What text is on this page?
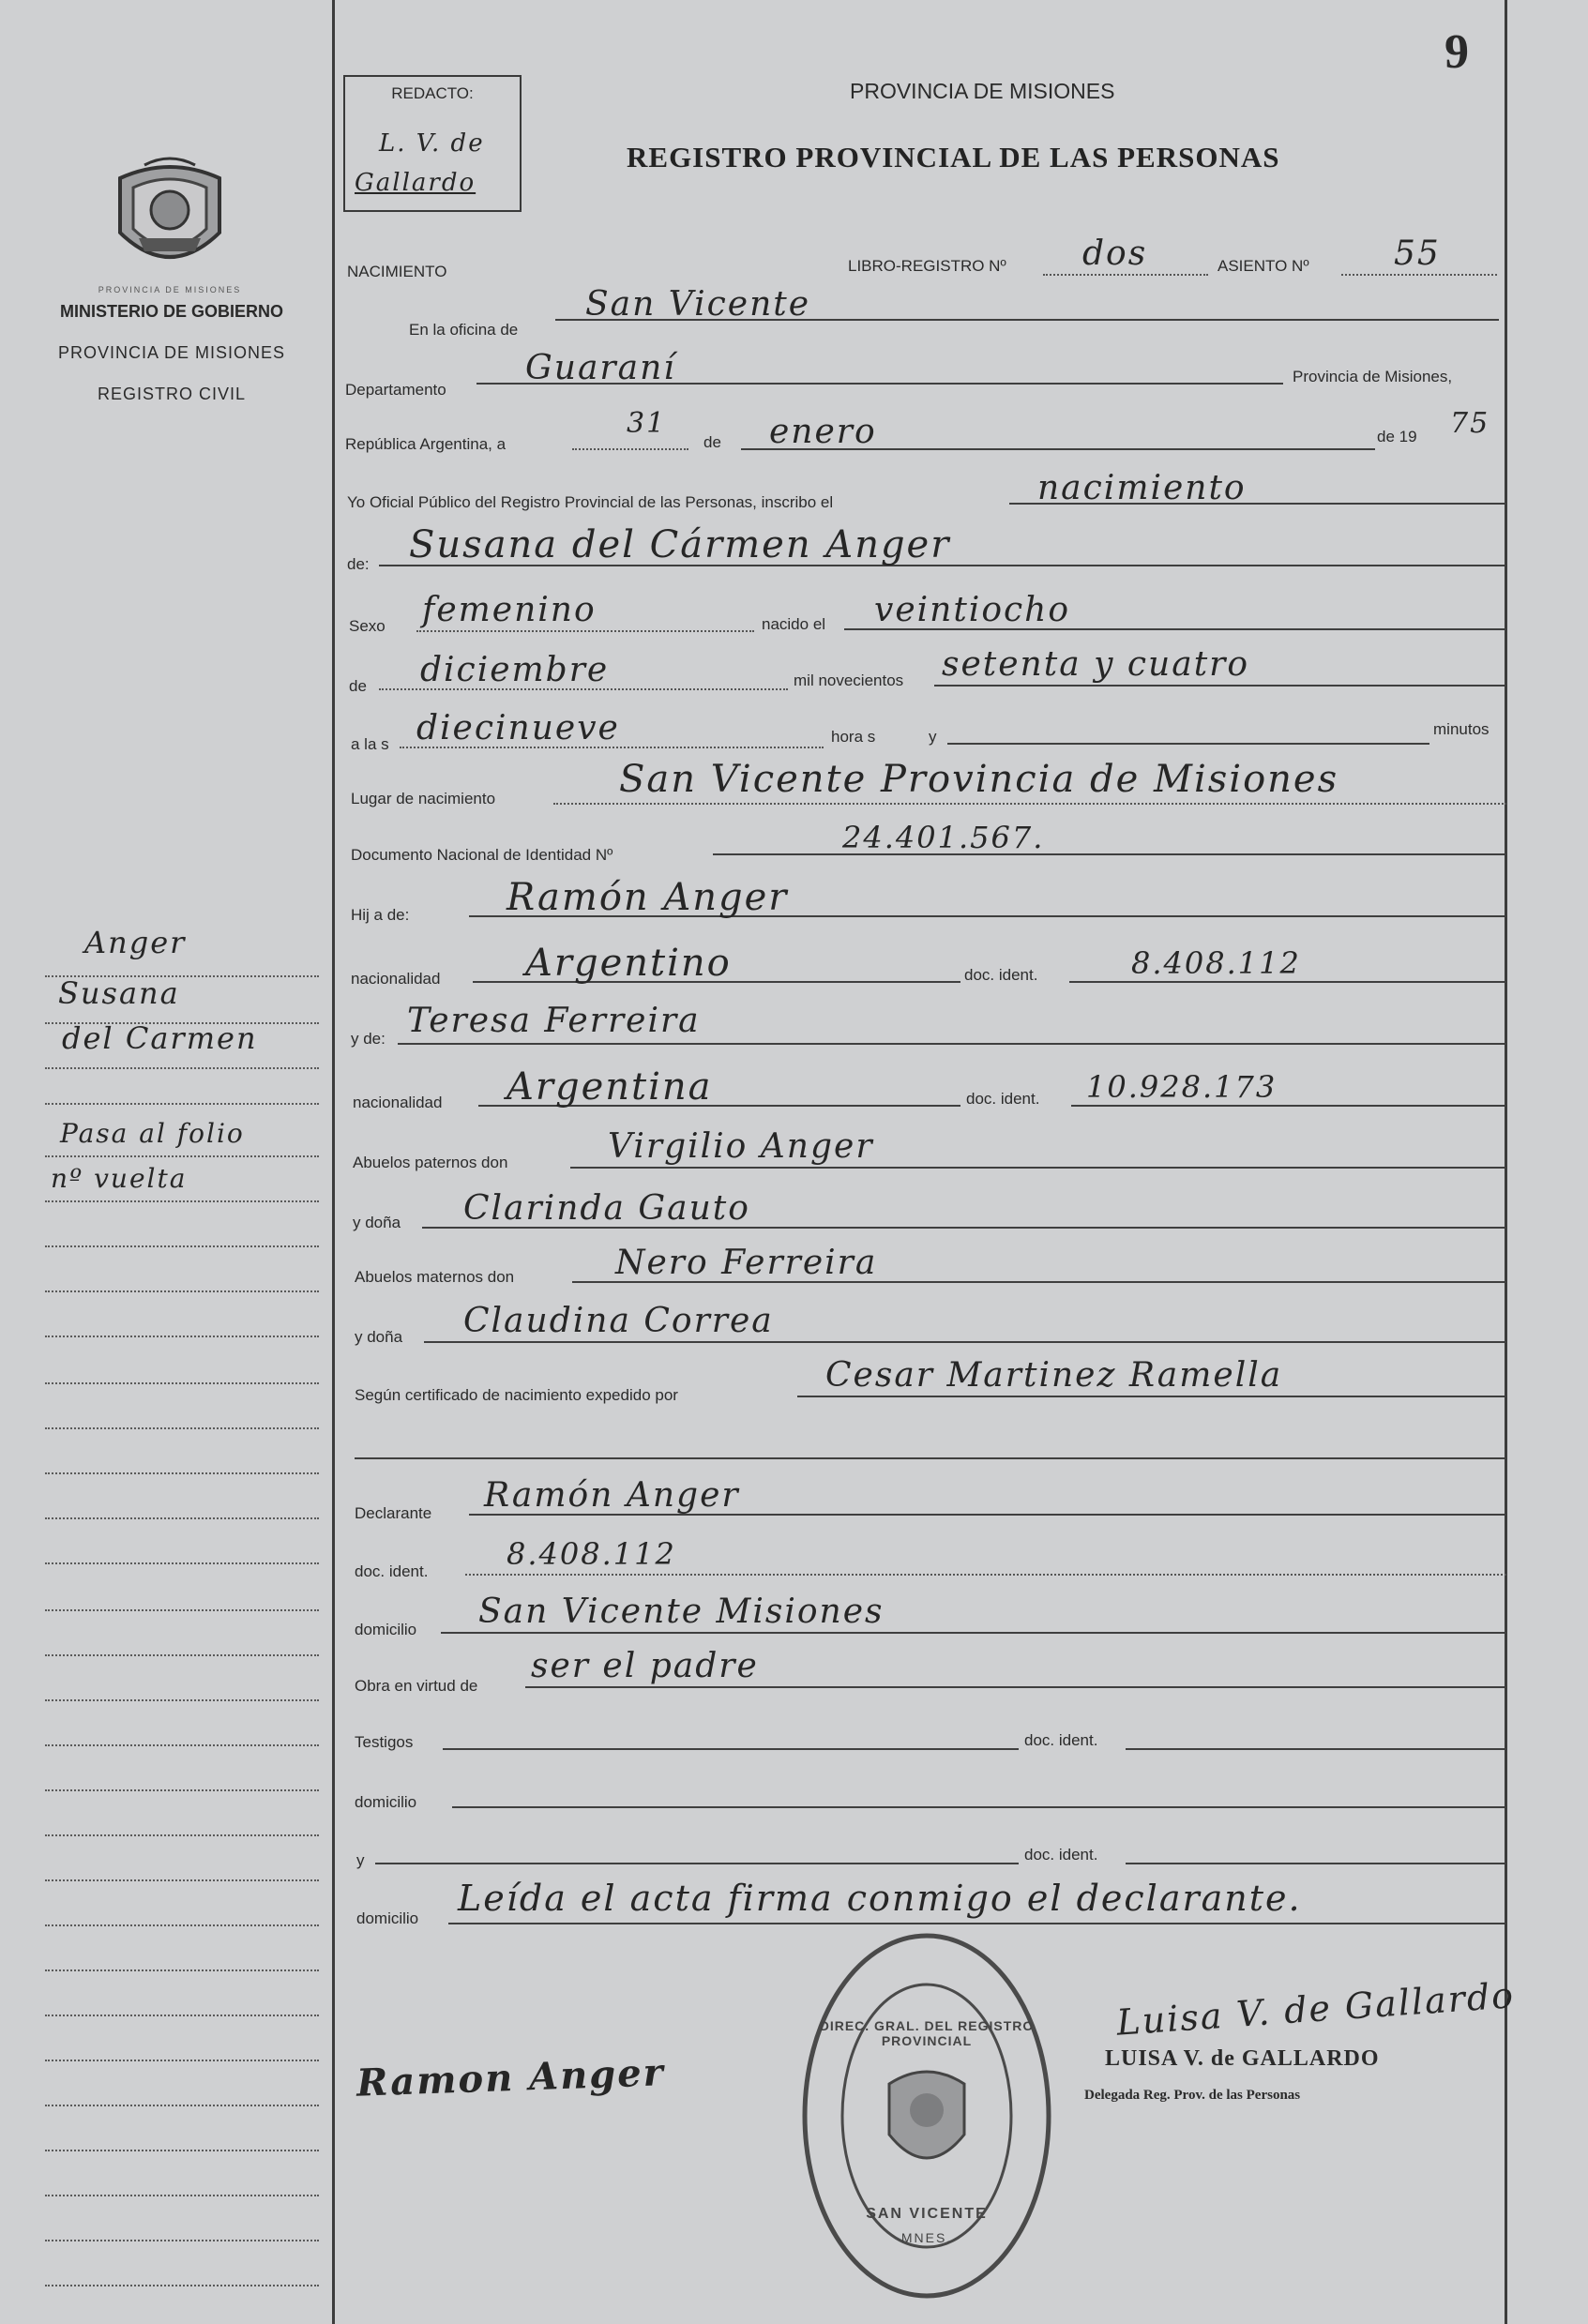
9
REDACTO:
L. V. de
Gallardo
PROVINCIA DE MISIONES
REGISTRO PROVINCIAL DE LAS PERSONAS
NACIMIENTO	LIBRO-REGISTRO Nº dos	ASIENTO Nº	55
PROVINCIA DE MISIONES
MINISTERIO DE GOBIERNO
PROVINCIA DE MISIONES
REGISTRO CIVIL
Anger
Susana
del Carmen
Pasa al folio
nº vuelta
En la oficina de
San Vicente
Departamento
Guaraní	Provincia de Misiones,
República Argentina, a
31
de enero	de 19 75
Yo Oficial Público del Registro Provincial de las Personas, inscribo el	nacimiento
de: Susana del Cármen Anger
Sexo femenino	nacido el veintiocho
de diciembre	mil novecientos setenta y cuatro
a la s diecinueve	hora s	y	minutos
Lugar de nacimiento	San Vicente Provincia de Misiones
Documento Nacional de Identidad Nº	24.401.567.
Hij a de:	Ramón Anger
nacionalidad Argentino	doc. ident.	8.408.112
y de: Teresa Ferreira
nacionalidad Argentina	doc. ident. 10.928.173
Abuelos paternos don	Virgilio Anger
y doña Clarinda Gauto
Abuelos maternos don	Nero Ferreira
y doña Claudina Correa
Según certificado de nacimiento expedido por
Cesar Martinez Ramella
Declarante Ramón Anger
doc. ident.	8.408.112
domicilio San Vicente Misiones
Obra en virtud de
ser el padre
Testigos	doc. ident.
domicilio
y	doc. ident.
domicilio Leída el acta firma conmigo el declarante.
DIREC. GRAL. DEL REGISTRO PROVINCIAL
SAN VICENTE
MNES.
Ramon Anger
Luisa V. de Gallardo
LUISA V. de GALLARDO
Delegada Reg. Prov. de las Personas
